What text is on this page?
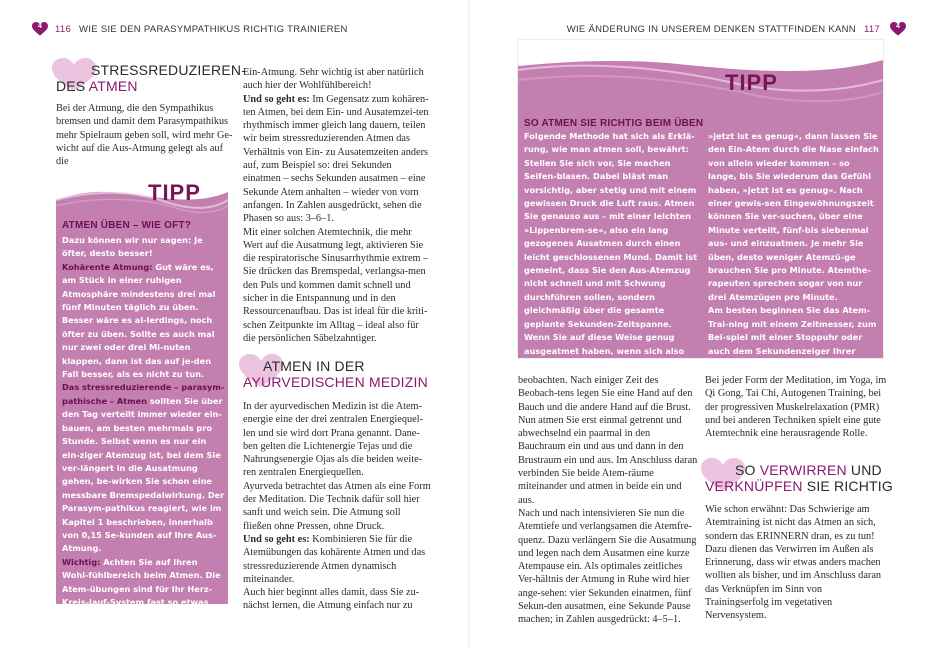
4	116 WIE SIE DEN PARASYMPATHIKUS RICHTIG TRAINIEREN
STRESSREDUZIEREN-
DES ATMEN

Bei der Atmung, die den Sympathikus bremsen und damit dem Parasympathikus mehr Spielraum geben soll, wird mehr Ge-wicht auf die Aus-Atmung gelegt als auf die

TIPP
ATMEN ÜBEN – WIE OFT?

Dazu können wir nur sagen: Je öfter, desto besser!

Kohärente Atmung: Gut wäre es, am Stück in einer ruhigen Atmosphäre mindestens drei mal fünf Minuten täglich zu üben. Besser wäre es al-lerdings, noch öfter zu üben. Sollte es auch mal nur zwei oder drei Mi-nuten klappen, dann ist das auf je-den Fall besser, als es nicht zu tun.

Das stressreduzierende – parasym-pathische – Atmen sollten Sie über den Tag verteilt immer wieder ein-bauen, am besten mehrmals pro Stunde. Selbst wenn es nur ein ein-ziger Atemzug ist, bei dem Sie ver-längert in die Ausatmung gehen, be-wirken Sie schon eine messbare Bremspedalwirkung. Der Parasym-pathikus reagiert, wie im Kapitel 1 beschrieben, innerhalb von 0,15 Se-kunden auf Ihre Aus-Atmung.

Wichtig: Achten Sie auf Ihren Wohl-fühlbereich beim Atmen. Die Atem-übungen sind für Ihr Herz-Kreis-lauf-System fast so etwas wie ein kleines körperliches Training.

Ein-Atmung. Sehr wichtig ist aber natürlich auch hier der Wohlfühlbereich!

Und so geht es: Im Gegensatz zum kohären-ten Atmen, bei dem Ein- und Ausatemzei-ten rhythmisch immer gleich lang dauern, teilen wir beim stressreduzierenden Atmen das Verhältnis von Ein- zu Ausatemzeiten anders auf, zum Beispiel so: drei Sekunden einatmen – sechs Sekunden ausatmen – eine Sekunde Atem anhalten – wieder von vorn anfangen. In Zahlen ausgedrückt, sehen die Phasen so aus: 3–6–1.

Mit einer solchen Atemtechnik, die mehr Wert auf die Ausatmung legt, aktivieren Sie die respiratorische Sinusarrhythmie extrem – Sie drücken das Bremspedal, verlangsa-men den Puls und kommen damit schnell und sicher in die Entspannung und in den Ressourcenaufbau. Das ist ideal für die kriti-schen Zeitpunkte im Alltag – ideal also für die persönlichen Säbelzahntiger.

ATMEN IN DER
AYURVEDISCHEN MEDIZIN

In der ayurvedischen Medizin ist die Atem-energie eine der drei zentralen Energiequel-len und sie wird dort Prana genannt. Dane-ben gelten die Lichtenergie Tejas und die Nahrungsenergie Ojas als die beiden weite-ren zentralen Energiequellen.

Ayurveda betrachtet das Atmen als eine Form der Meditation. Die Technik dafür soll hier sanft und weich sein. Die Atmung soll fließen ohne Pressen, ohne Druck.

Und so geht es: Kombinieren Sie für die Atemübungen das kohärente Atmen und das stressreduzierende Atmen dynamisch miteinander.

Auch hier beginnt alles damit, dass Sie zu-nächst lernen, die Atmung einfach nur zu

WIE ÄNDERUNG IN UNSEREM DENKEN STATTFINDEN KANN 117	4
TIPP
SO ATMEN SIE RICHTIG BEIM ÜBEN

Folgende Methode hat sich als Erklä-rung, wie man atmen soll, bewährt: Stellen Sie sich vor, Sie machen Seifen-blasen. Dabei bläst man vorsichtig, aber stetig und mit einem gewissen Druck die Luft raus. Atmen Sie genauso aus – mit einer leichten »Lippenbrem-se«, also ein lang gezogenes Ausatmen durch einen leicht geschlossenen Mund. Damit ist gemeint, dass Sie den Aus-Atemzug nicht schnell und mit Schwung durchführen sollen, sondern gleichmäßig über die gesamte geplante Sekunden-Zeitspanne. Wenn Sie auf diese Weise genug ausgeatmet haben, wenn sich also das Gefühl einstellt,

»jetzt ist es genug«, dann lassen Sie den Ein-Atem durch die Nase einfach von allein wieder kommen – so lange, bis Sie wiederum das Gefühl haben, »jetzt ist es genug«. Nach einer gewis-sen Eingewöhnungszeit können Sie ver-suchen, über eine Minute verteilt, fünf-bis siebenmal aus- und einzuatmen. Je mehr Sie üben, desto weniger Atemzü-ge brauchen Sie pro Minute. Atemthe-rapeuten sprechen sogar von nur drei Atemzügen pro Minute.

Am besten beginnen Sie das Atem-Trai-ning mit einem Zeitmesser, zum Bei-spiel mit einer Stoppuhr oder auch dem Sekundenzeiger Ihrer Armbanduhr.

beobachten. Nach einiger Zeit des Beobach-tens legen Sie eine Hand auf den Bauch und die andere Hand auf die Brust. Nun atmen Sie erst einmal getrennt und abwechselnd ein paarmal in den Bauchraum ein und aus und dann in den Brustraum ein und aus. Im Anschluss daran verbinden Sie beide Atem-räume miteinander und atmen in beide ein und aus.

Nach und nach intensivieren Sie nun die Atemtiefe und verlangsamen die Atemfre-quenz. Dazu verlängern Sie die Ausatmung und legen nach dem Ausatmen eine kurze Atempause ein. Als optimales zeitliches Ver-hältnis der Atmung in Ruhe wird hier ange-sehen: vier Sekunden einatmen, fünf Sekun-den ausatmen, eine Sekunde Pause machen; in Zahlen ausgedrückt: 4–5–1.

Bei jeder Form der Meditation, im Yoga, im Qi Gong, Tai Chi, Autogenen Training, bei der progressiven Muskelrelaxation (PMR) und bei anderen Techniken spielt eine gute Atemtechnik eine herausragende Rolle.

SO VERWIRREN UND
VERKNÜPFEN SIE RICHTIG

Wie schon erwähnt: Das Schwierige am Atemtraining ist nicht das Atmen an sich, sondern das ERINNERN dran, es zu tun! Dazu dienen das Verwirren im Außen als Erinnerung, dass wir etwas anders machen wollten als bisher, und im Anschluss daran das Verknüpfen im Sinn von Trainingserfolg im vegetativen Nervensystem.
